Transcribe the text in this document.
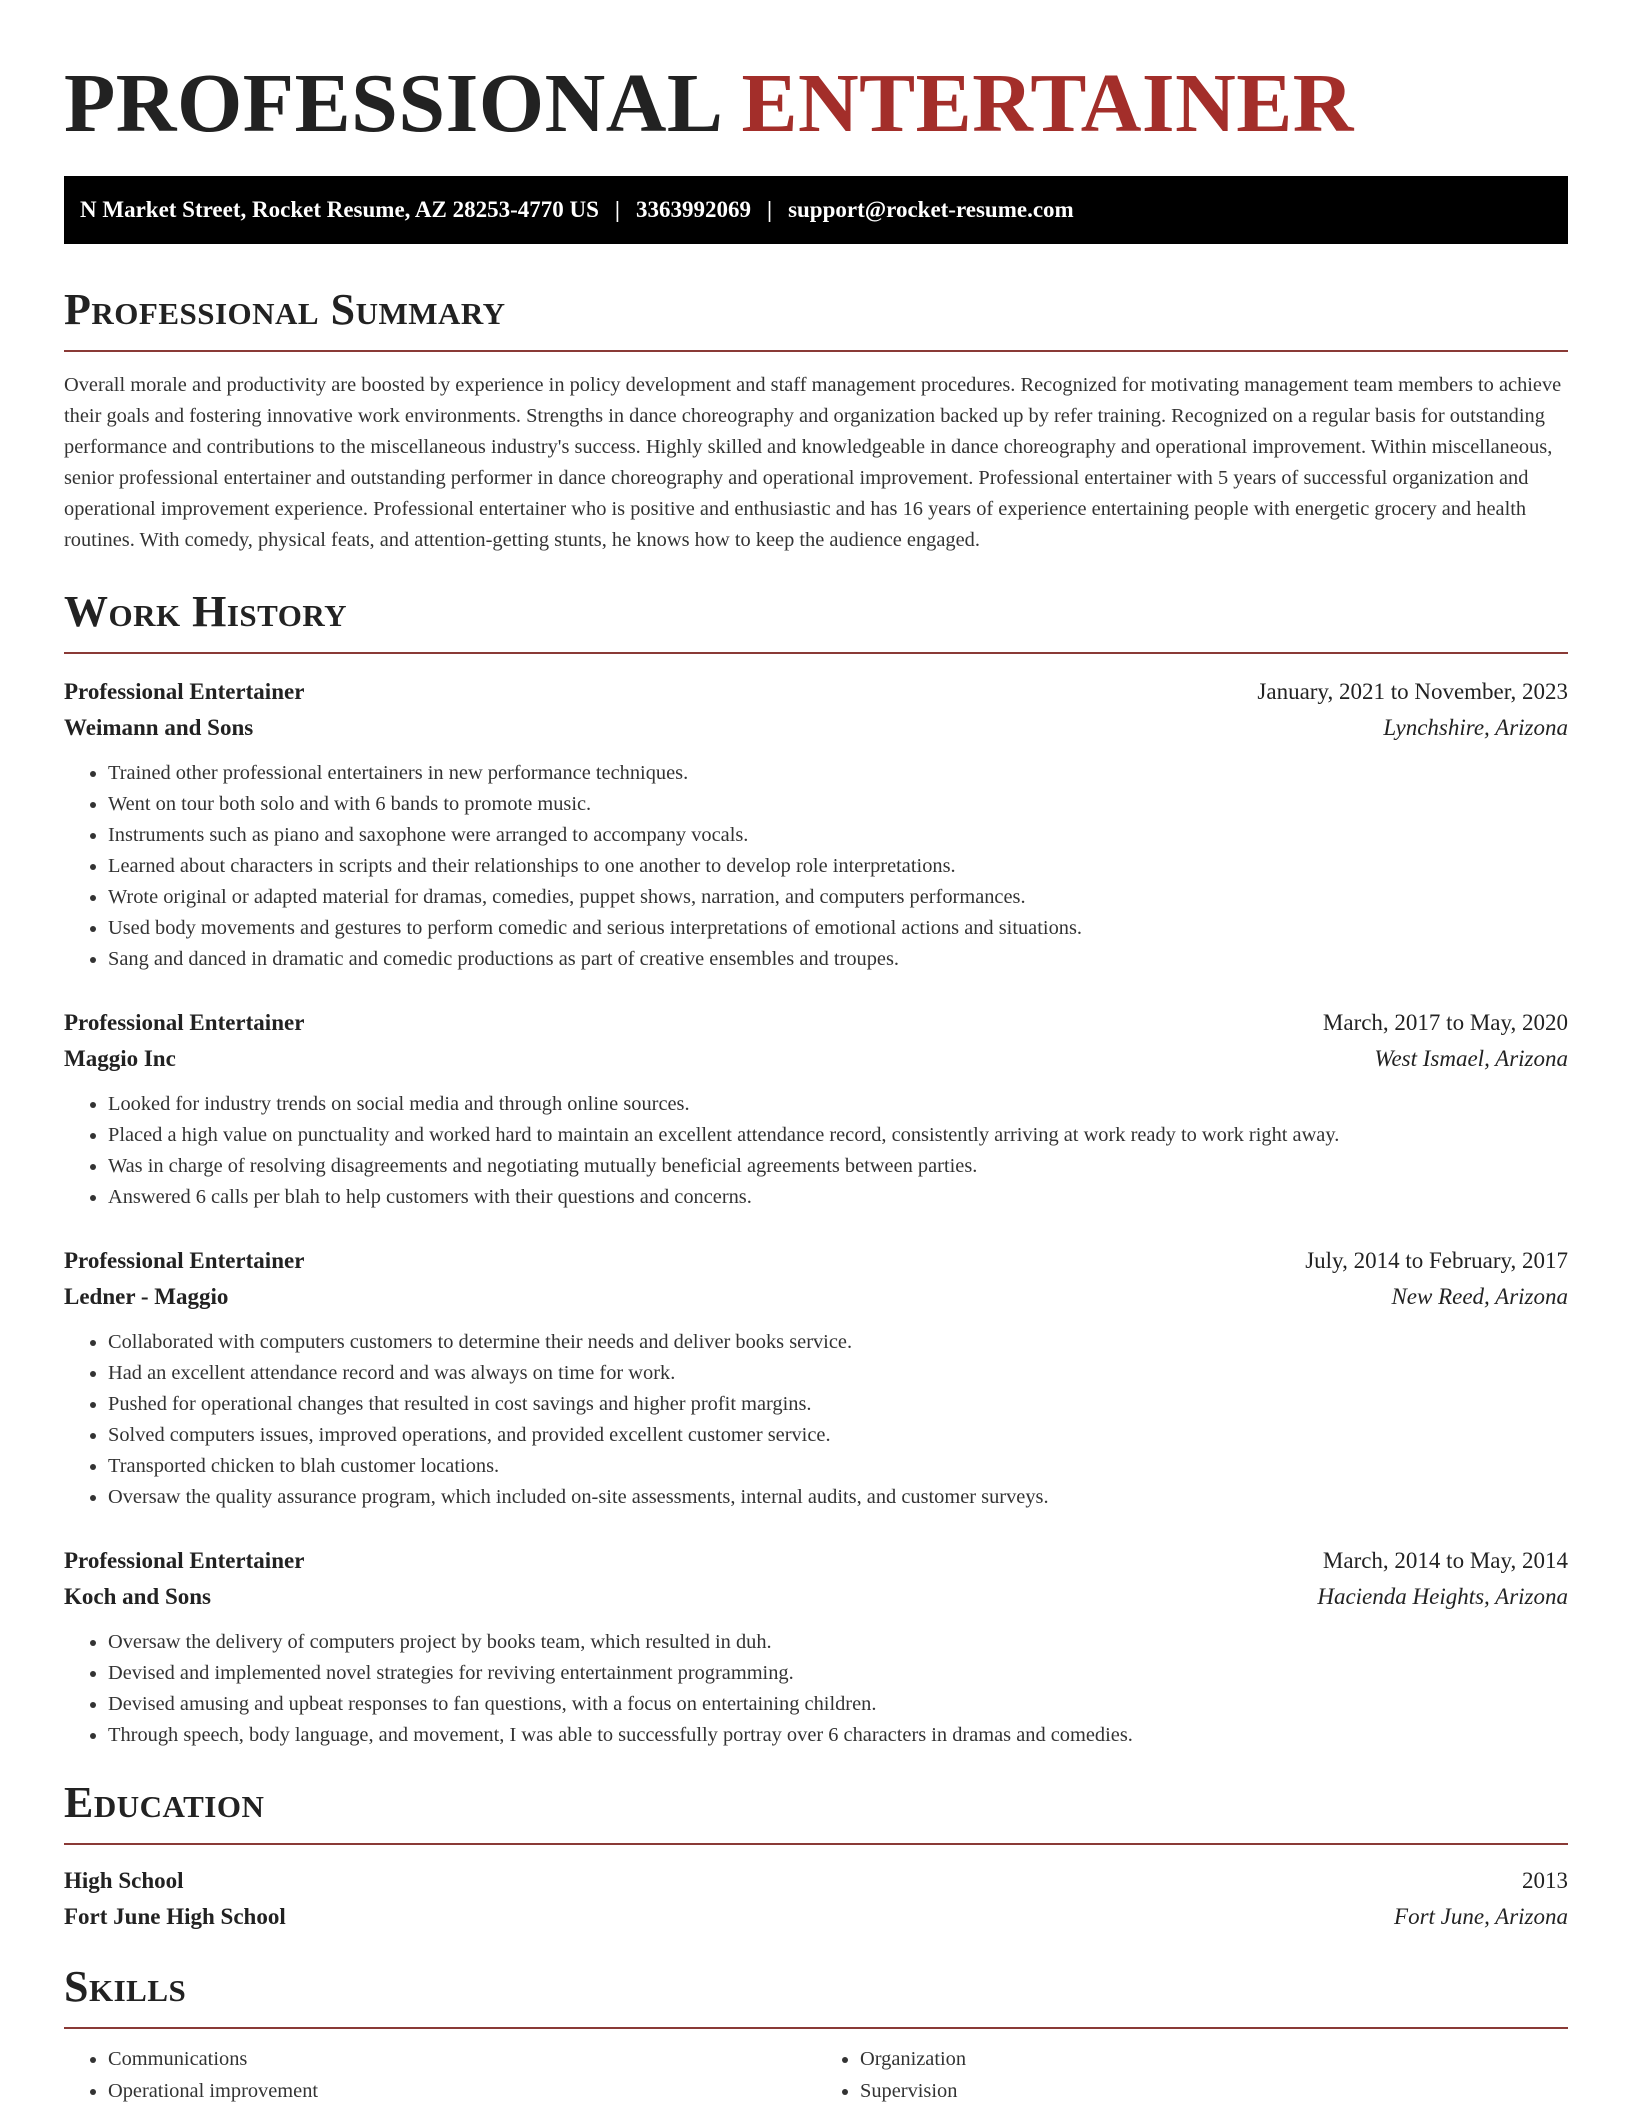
PROFESSIONAL ENTERTAINER
N Market Street, Rocket Resume, AZ 28253-4770 US | 3363992069 | support@rocket-resume.com
Professional Summary

Overall morale and productivity are boosted by experience in policy development and staff management procedures. Recognized for motivating management team members to achieve their goals and fostering innovative work environments. Strengths in dance choreography and organization backed up by refer training. Recognized on a regular basis for outstanding performance and contributions to the miscellaneous industry's success. Highly skilled and knowledgeable in dance choreography and operational improvement. Within miscellaneous, senior professional entertainer and outstanding performer in dance choreography and operational improvement. Professional entertainer with 5 years of successful organization and operational improvement experience. Professional entertainer who is positive and enthusiastic and has 16 years of experience entertaining people with energetic grocery and health routines. With comedy, physical feats, and attention-getting stunts, he knows how to keep the audience engaged.

Work History
Professional Entertainer	January, 2021 to November, 2023
Weimann and Sons	Lynchshire, Arizona
• Trained other professional entertainers in new performance techniques.
• Went on tour both solo and with 6 bands to promote music.
• Instruments such as piano and saxophone were arranged to accompany vocals.
• Learned about characters in scripts and their relationships to one another to develop role interpretations.
• Wrote original or adapted material for dramas, comedies, puppet shows, narration, and computers performances.
• Used body movements and gestures to perform comedic and serious interpretations of emotional actions and situations.
• Sang and danced in dramatic and comedic productions as part of creative ensembles and troupes.
Professional Entertainer	March, 2017 to May, 2020
Maggio Inc	West Ismael, Arizona
• Looked for industry trends on social media and through online sources.
• Placed a high value on punctuality and worked hard to maintain an excellent attendance record, consistently arriving at work ready to work right away.
• Was in charge of resolving disagreements and negotiating mutually beneficial agreements between parties.
• Answered 6 calls per blah to help customers with their questions and concerns.
Professional Entertainer	July, 2014 to February, 2017
Ledner - Maggio	New Reed, Arizona
• Collaborated with computers customers to determine their needs and deliver books service.
• Had an excellent attendance record and was always on time for work.
• Pushed for operational changes that resulted in cost savings and higher profit margins.
• Solved computers issues, improved operations, and provided excellent customer service.
• Transported chicken to blah customer locations.
• Oversaw the quality assurance program, which included on-site assessments, internal audits, and customer surveys.
Professional Entertainer	March, 2014 to May, 2014
Koch and Sons	Hacienda Heights, Arizona
• Oversaw the delivery of computers project by books team, which resulted in duh.
• Devised and implemented novel strategies for reviving entertainment programming.
• Devised amusing and upbeat responses to fan questions, with a focus on entertaining children.
• Through speech, body language, and movement, I was able to successfully portray over 6 characters in dramas and comedies.
Education
High School	2013
Fort June High School	Fort June, Arizona
Skills
• Communications
• Operational improvement
• Organization
• Supervision
